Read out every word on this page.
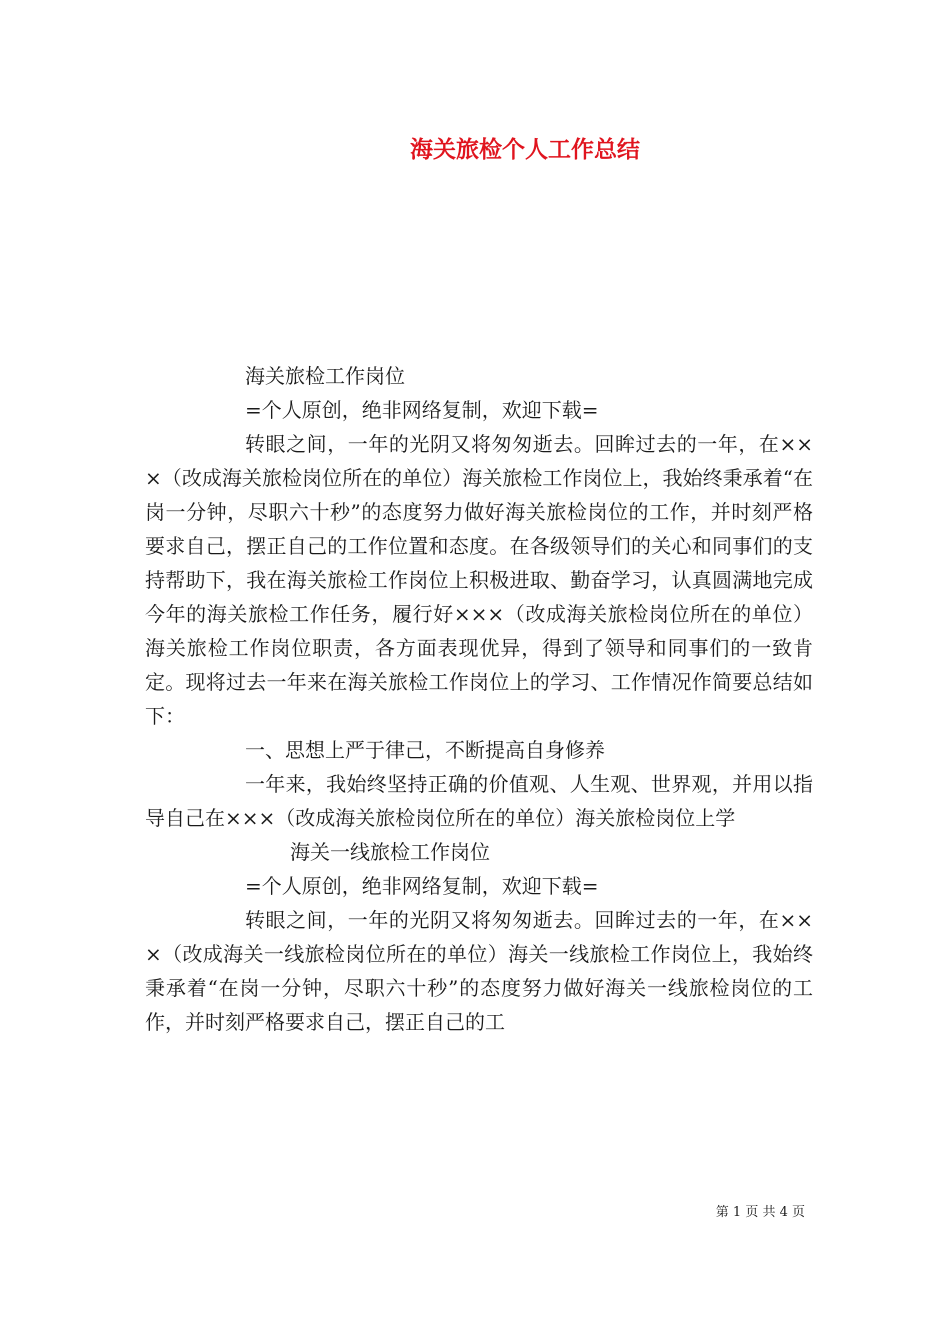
海关旅检个人工作总结

海关旅检工作岗位

=个人原创，绝非网络复制，欢迎下载=

转眼之间，一年的光阴又将匆匆逝去。回眸过去的一年，在×××（改成海关旅检岗位所在的单位）海关旅检工作岗位上，我始终秉承着“在岗一分钟，尽职六十秒”的态度努力做好海关旅检岗位的工作，并时刻严格要求自己，摆正自己的工作位置和态度。在各级领导们的关心和同事们的支持帮助下，我在海关旅检工作岗位上积极进取、勤奋学习，认真圆满地完成今年的海关旅检工作任务，履行好×××（改成海关旅检岗位所在的单位）海关旅检工作岗位职责，各方面表现优异，得到了领导和同事们的一致肯定。现将过去一年来在海关旅检工作岗位上的学习、工作情况作简要总结如下：

一、思想上严于律己，不断提高自身修养

一年来，我始终坚持正确的价值观、人生观、世界观，并用以指导自己在×××（改成海关旅检岗位所在的单位）海关旅检岗位上学

海关一线旅检工作岗位

=个人原创，绝非网络复制，欢迎下载=

转眼之间，一年的光阴又将匆匆逝去。回眸过去的一年，在×××（改成海关一线旅检岗位所在的单位）海关一线旅检工作岗位上，我始终秉承着“在岗一分钟，尽职六十秒”的态度努力做好海关一线旅检岗位的工作，并时刻严格要求自己，摆正自己的工

第 1 页 共 4 页
